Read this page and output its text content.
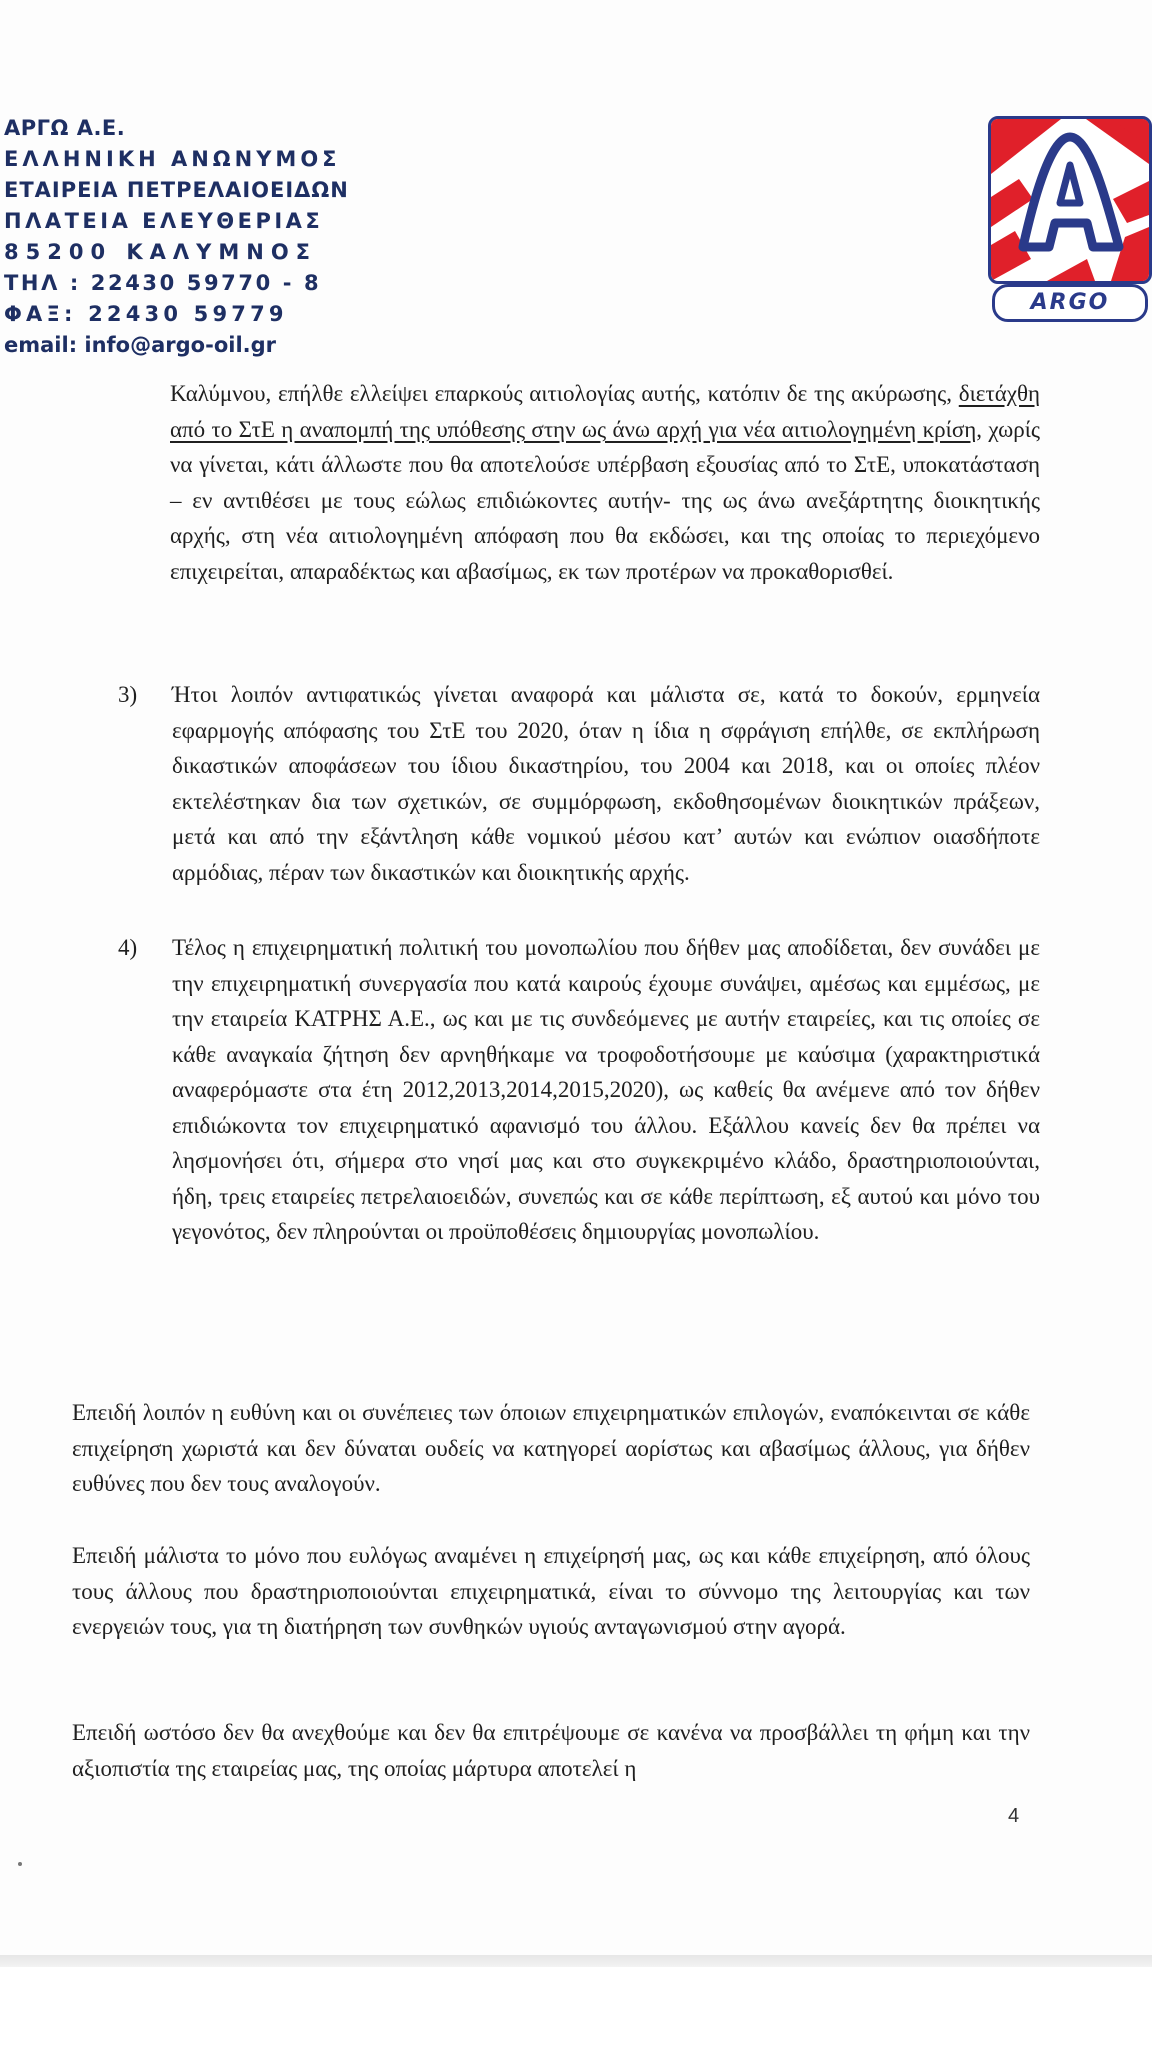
ΑΡΓΩ Α.Ε.
ΕΛΛΗΝΙΚΗ ΑΝΩΝΥΜΟΣ
ΕΤΑΙΡΕΙΑ ΠΕΤΡΕΛΑΙΟΕΙΔΩΝ
ΠΛΑΤΕΙΑ ΕΛΕΥΘΕΡΙΑΣ
85200 ΚΑΛΥΜΝΟΣ
ΤΗΛ : 22430 59770 - 8
ΦΑΞ: 22430 59779
email: info@argo-oil.gr
ARGO
Καλύμνου, επήλθε ελλείψει επαρκούς αιτιολογίας αυτής, κατόπιν δε της ακύρωσης, διετάχθη από το ΣτΕ η αναπομπή της υπόθεσης στην ως άνω αρχή για νέα αιτιολογημένη κρίση, χωρίς να γίνεται, κάτι άλλωστε που θα αποτελούσε υπέρβαση εξουσίας από το ΣτΕ, υποκατάσταση – εν αντιθέσει με τους εώλως επιδιώκοντες αυτήν- της ως άνω ανεξάρτητης διοικητικής αρχής, στη νέα αιτιολογημένη απόφαση που θα εκδώσει, και της οποίας το περιεχόμενο επιχειρείται, απαραδέκτως και αβασίμως, εκ των προτέρων να προκαθορισθεί.
3) Ήτοι λοιπόν αντιφατικώς γίνεται αναφορά και μάλιστα σε, κατά το δοκούν, ερμηνεία εφαρμογής απόφασης του ΣτΕ του 2020, όταν η ίδια η σφράγιση επήλθε, σε εκπλήρωση δικαστικών αποφάσεων του ίδιου δικαστηρίου, του 2004 και 2018, και οι οποίες πλέον εκτελέστηκαν δια των σχετικών, σε συμμόρφωση, εκδοθησομένων διοικητικών πράξεων, μετά και από την εξάντληση κάθε νομικού μέσου κατ’ αυτών και ενώπιον οιασδήποτε αρμόδιας, πέραν των δικαστικών και διοικητικής αρχής.
4) Τέλος η επιχειρηματική πολιτική του μονοπωλίου που δήθεν μας αποδίδεται, δεν συνάδει με την επιχειρηματική συνεργασία που κατά καιρούς έχουμε συνάψει, αμέσως και εμμέσως, με την εταιρεία ΚΑΤΡΗΣ Α.Ε., ως και με τις συνδεόμενες με αυτήν εταιρείες, και τις οποίες σε κάθε αναγκαία ζήτηση δεν αρνηθήκαμε να τροφοδοτήσουμε με καύσιμα (χαρακτηριστικά αναφερόμαστε στα έτη 2012,2013,2014,2015,2020), ως καθείς θα ανέμενε από τον δήθεν επιδιώκοντα τον επιχειρηματικό αφανισμό του άλλου. Εξάλλου κανείς δεν θα πρέπει να λησμονήσει ότι, σήμερα στο νησί μας και στο συγκεκριμένο κλάδο, δραστηριοποιούνται, ήδη, τρεις εταιρείες πετρελαιοειδών, συνεπώς και σε κάθε περίπτωση, εξ αυτού και μόνο του γεγονότος, δεν πληρούνται οι προϋποθέσεις δημιουργίας μονοπωλίου.
Επειδή λοιπόν η ευθύνη και οι συνέπειες των όποιων επιχειρηματικών επιλογών, εναπόκεινται σε κάθε επιχείρηση χωριστά και δεν δύναται ουδείς να κατηγορεί αορίστως και αβασίμως άλλους, για δήθεν ευθύνες που δεν τους αναλογούν.
Επειδή μάλιστα το μόνο που ευλόγως αναμένει η επιχείρησή μας, ως και κάθε επιχείρηση, από όλους τους άλλους που δραστηριοποιούνται επιχειρηματικά, είναι το σύννομο της λειτουργίας και των ενεργειών τους, για τη διατήρηση των συνθηκών υγιούς ανταγωνισμού στην αγορά.
Επειδή ωστόσο δεν θα ανεχθούμε και δεν θα επιτρέψουμε σε κανένα να προσβάλλει τη φήμη και την αξιοπιστία της εταιρείας μας, της οποίας μάρτυρα αποτελεί η
4
